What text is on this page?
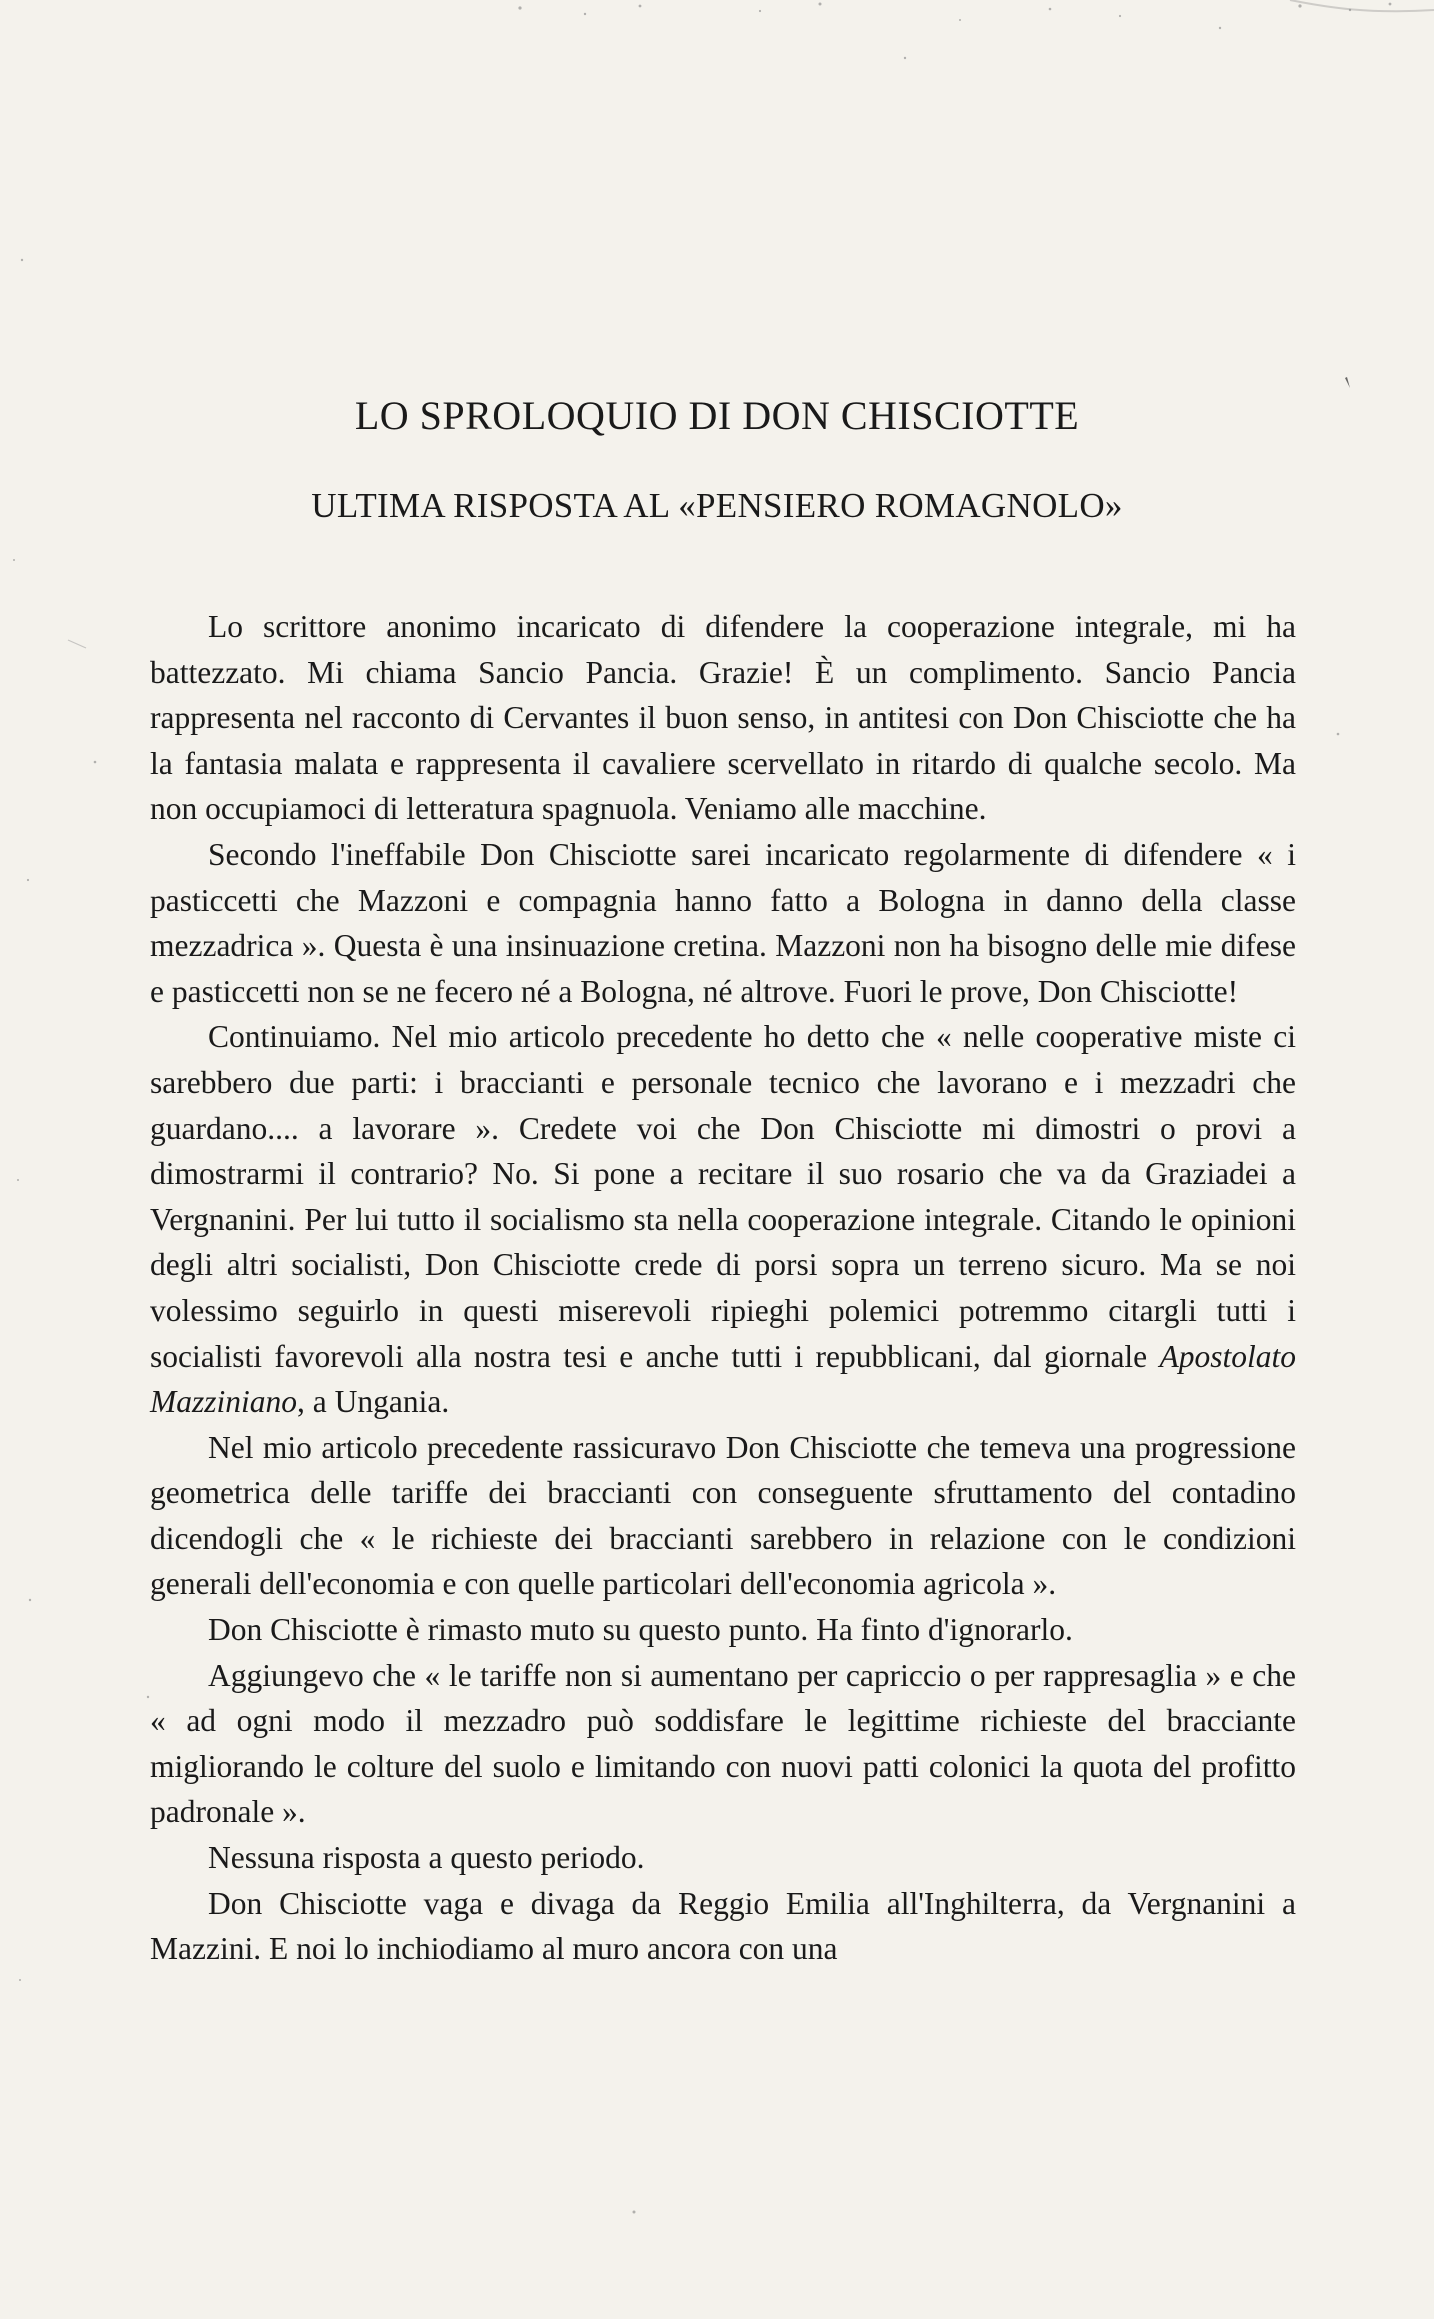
LO SPROLOQUIO DI DON CHISCIOTTE
ULTIMA RISPOSTA AL «PENSIERO ROMAGNOLO»

Lo scrittore anonimo incaricato di difendere la cooperazione integrale, mi ha battezzato. Mi chiama Sancio Pancia. Grazie! È un complimento. Sancio Pancia rappresenta nel racconto di Cervantes il buon senso, in antitesi con Don Chisciotte che ha la fantasia malata e rappresenta il cavaliere scervellato in ritardo di qualche secolo. Ma non occupiamoci di letteratura spagnuola. Veniamo alle macchine.

Secondo l'ineffabile Don Chisciotte sarei incaricato regolarmente di difendere « i pasticcetti che Mazzoni e compagnia hanno fatto a Bologna in danno della classe mezzadrica ». Questa è una insinuazione cretina. Mazzoni non ha bisogno delle mie difese e pasticcetti non se ne fecero né a Bologna, né altrove. Fuori le prove, Don Chisciotte!

Continuiamo. Nel mio articolo precedente ho detto che « nelle cooperative miste ci sarebbero due parti: i braccianti e personale tecnico che lavorano e i mezzadri che guardano.... a lavorare ». Credete voi che Don Chisciotte mi dimostri o provi a dimostrarmi il contrario? No. Si pone a recitare il suo rosario che va da Graziadei a Vergnanini. Per lui tutto il socialismo sta nella cooperazione integrale. Citando le opinioni degli altri socialisti, Don Chisciotte crede di porsi sopra un terreno sicuro. Ma se noi volessimo seguirlo in questi miserevoli ripieghi polemici potremmo citargli tutti i socialisti favorevoli alla nostra tesi e anche tutti i repubblicani, dal giornale Apostolato Mazziniano, a Ungania.

Nel mio articolo precedente rassicuravo Don Chisciotte che temeva una progressione geometrica delle tariffe dei braccianti con conseguente sfruttamento del contadino dicendogli che « le richieste dei braccianti sarebbero in relazione con le condizioni generali dell'economia e con quelle particolari dell'economia agricola ».

Don Chisciotte è rimasto muto su questo punto. Ha finto d'ignorarlo.

Aggiungevo che « le tariffe non si aumentano per capriccio o per rappresaglia » e che « ad ogni modo il mezzadro può soddisfare le legittime richieste del bracciante migliorando le colture del suolo e limitando con nuovi patti colonici la quota del profitto padronale ».

Nessuna risposta a questo periodo.

Don Chisciotte vaga e divaga da Reggio Emilia all'Inghilterra, da Vergnanini a Mazzini. E noi lo inchiodiamo al muro ancora con una
